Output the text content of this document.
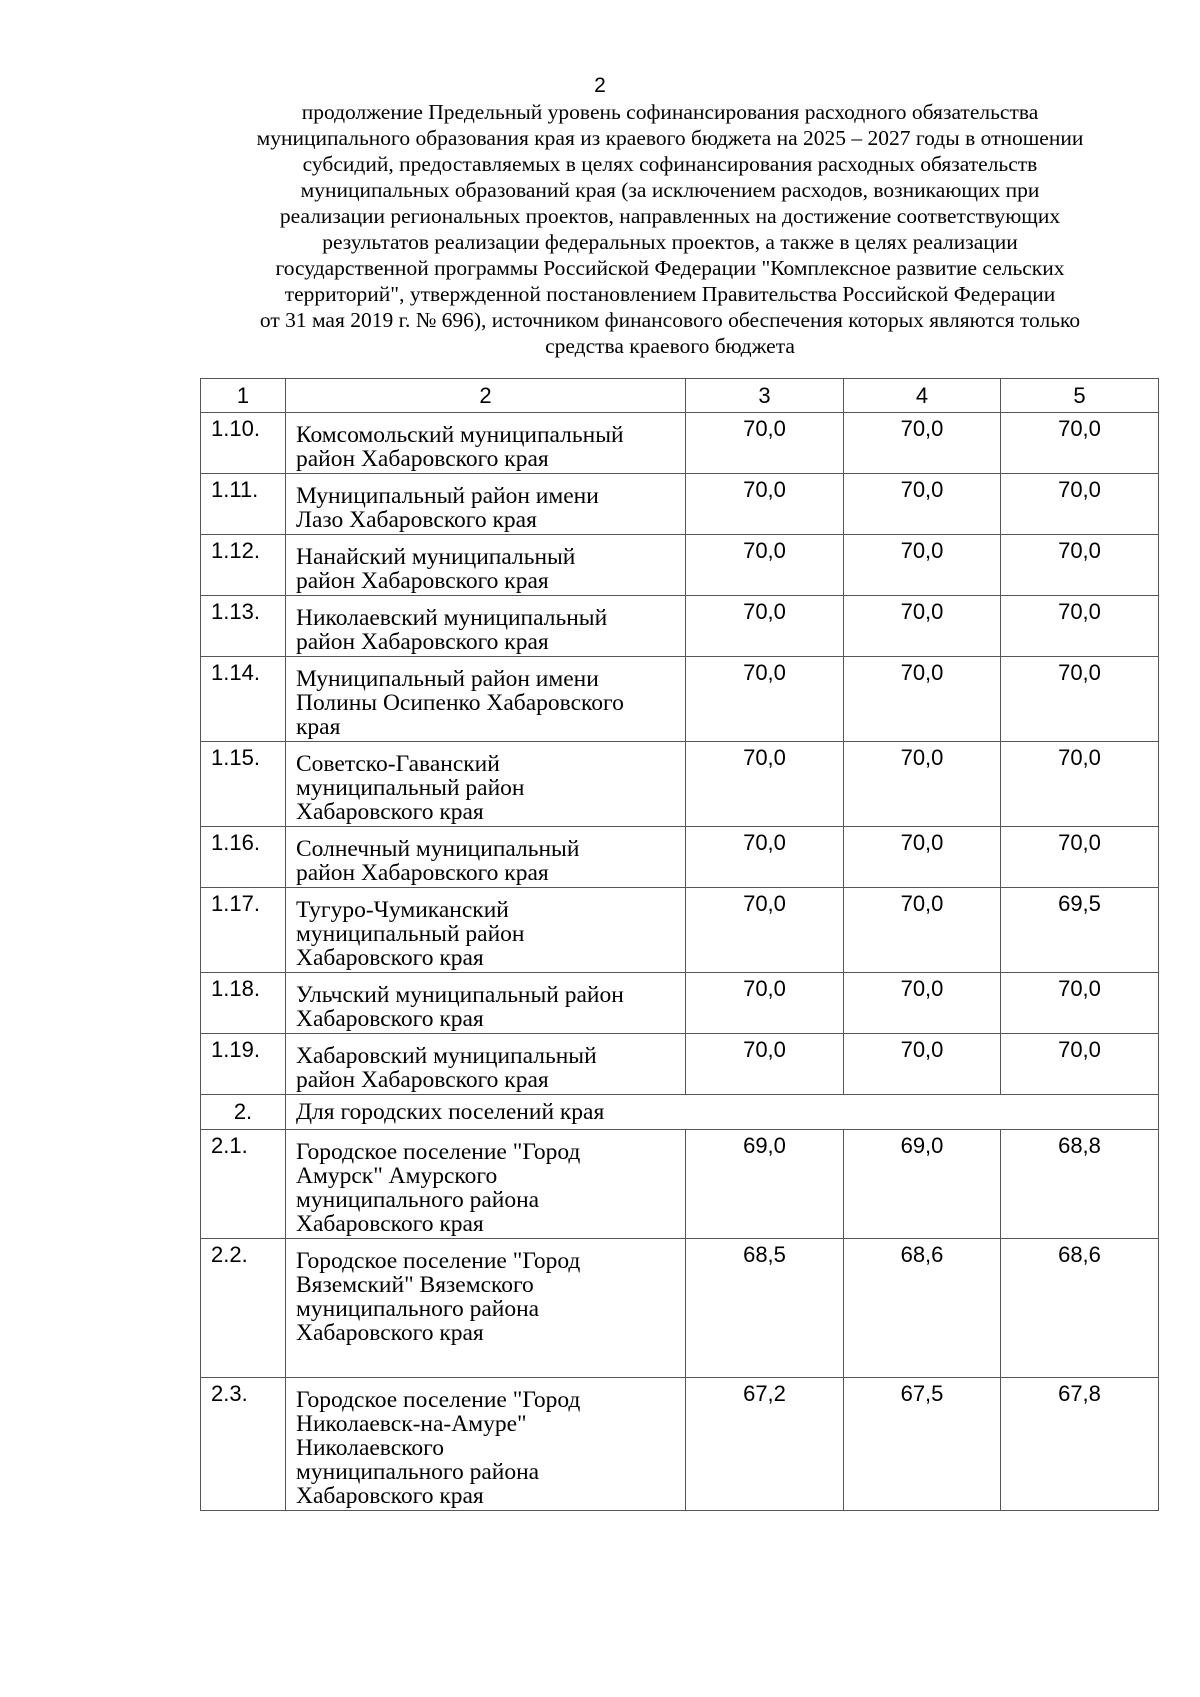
2
продолжение Предельный уровень софинансирования расходного обязательства
муниципального образования края из краевого бюджета на 2025 – 2027 годы в отношении
субсидий, предоставляемых в целях софинансирования расходных обязательств
муниципальных образований края (за исключением расходов, возникающих при
реализации региональных проектов, направленных на достижение соответствующих
результатов реализации федеральных проектов, а также в целях реализации
государственной программы Российской Федерации "Комплексное развитие сельских
территорий", утвержденной постановлением Правительства Российской Федерации
от 31 мая 2019 г. № 696), источником финансового обеспечения которых являются только
средства краевого бюджета
1	2	3	4	5
1.10.	Комсомольский муниципальный
район Хабаровского края	70,0	70,0	70,0
1.11.	Муниципальный район имени
Лазо Хабаровского края	70,0	70,0	70,0
1.12.	Нанайский муниципальный
район Хабаровского края	70,0	70,0	70,0
1.13.	Николаевский муниципальный
район Хабаровского края	70,0	70,0	70,0
1.14.	Муниципальный район имени
Полины Осипенко Хабаровского
края	70,0	70,0	70,0
1.15.	Советско-Гаванский
муниципальный район
Хабаровского края	70,0	70,0	70,0
1.16.	Солнечный муниципальный
район Хабаровского края	70,0	70,0	70,0
1.17.	Тугуро-Чумиканский
муниципальный район
Хабаровского края	70,0	70,0	69,5
1.18.	Ульчский муниципальный район
Хабаровского края	70,0	70,0	70,0
1.19.	Хабаровский муниципальный
район Хабаровского края	70,0	70,0	70,0
2.	Для городских поселений края			
2.1.	Городское поселение "Город
Амурск" Амурского
муниципального района
Хабаровского края	69,0	69,0	68,8
2.2.	Городское поселение "Город
Вяземский" Вяземского
муниципального района
Хабаровского края	68,5	68,6	68,6
2.3.	Городское поселение "Город
Николаевск-на-Амуре"
Николаевского
муниципального района
Хабаровского края	67,2	67,5	67,8
